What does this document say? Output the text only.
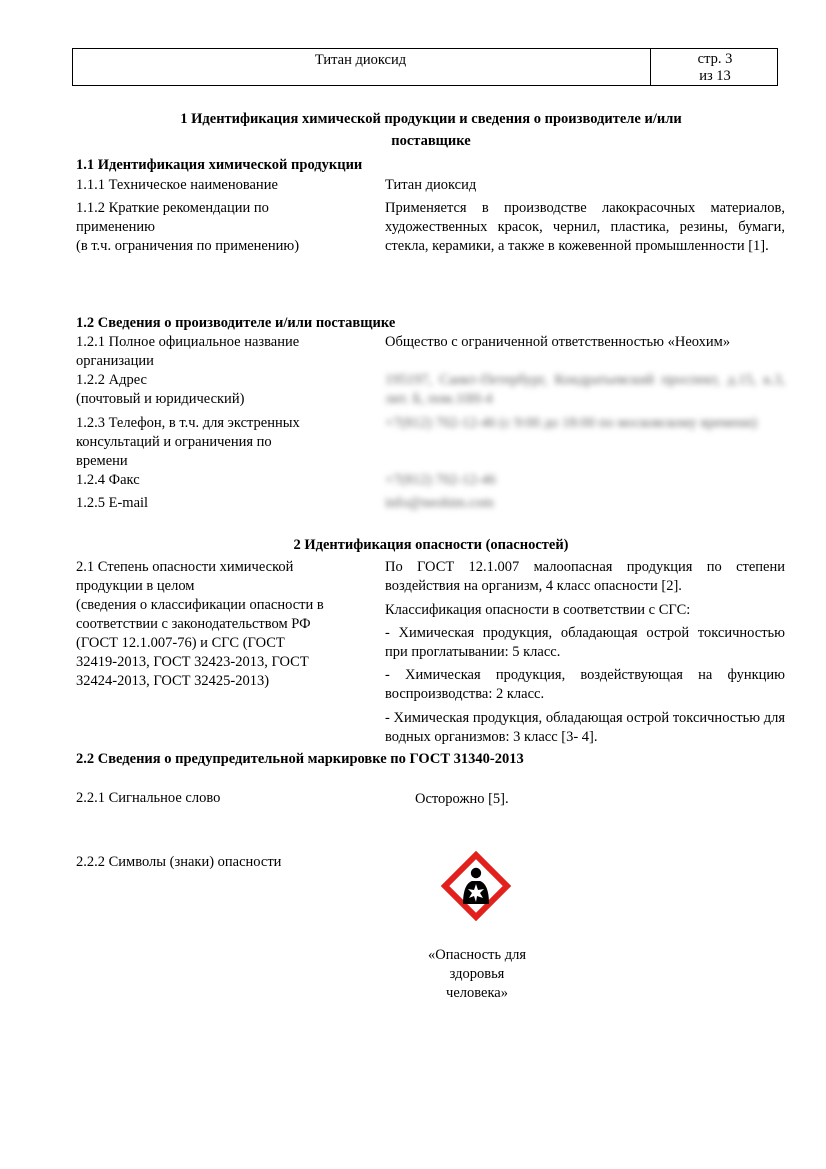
Титан диоксид	стр. 3
из 13
1 Идентификация химической продукции и сведения о производителе и/или
поставщике
1.1 Идентификация химической продукции
1.1.1 Техническое наименование	Титан диоксид
1.1.2 Краткие рекомендации по
применению
(в т.ч. ограничения по применению)
Применяется в производстве лакокрасочных материалов, художественных красок, чернил, пластика, резины, бумаги, стекла, керамики, а также в кожевенной промышленности [1].
1.2 Сведения о производителе и/или поставщике
1.2.1 Полное официальное название
организации
Общество с ограниченной ответственностью «Неохим»
1.2.2 Адрес
(почтовый и юридический)
195197, Санкт-Петербург, Кондратьевский проспект, д.15, к.3, лит. Б, пом.10Н-4
1.2.3 Телефон, в т.ч. для экстренных
консультаций и ограничения по
времени
+7(812) 702-12-46 (с 9:00 до 18:00 по московскому времени)
1.2.4 Факс	+7(812) 702-12-46
1.2.5 E-mail	info@neohim.com
2 Идентификация опасности (опасностей)
2.1 Степень опасности химической
продукции в целом
(сведения о классификации опасности в
соответствии с законодательством РФ
(ГОСТ 12.1.007-76) и СГС (ГОСТ
32419-2013, ГОСТ 32423-2013, ГОСТ
32424-2013, ГОСТ 32425-2013)
По ГОСТ 12.1.007 малоопасная продукция по степени воздействия на организм, 4 класс опасности [2].
Классификация опасности в соответствии с СГС:
- Химическая продукция, обладающая острой токсичностью при проглатывании: 5 класс.
- Химическая продукция, воздействующая на функцию воспроизводства: 2 класс.
- Химическая продукция, обладающая острой токсичностью для водных организмов: 3 класс [3- 4].
2.2 Сведения о предупредительной маркировке по ГОСТ 31340-2013
2.2.1 Сигнальное слово	Осторожно [5].
2.2.2 Символы (знаки) опасности
«Опасность для
здоровья
человека»
